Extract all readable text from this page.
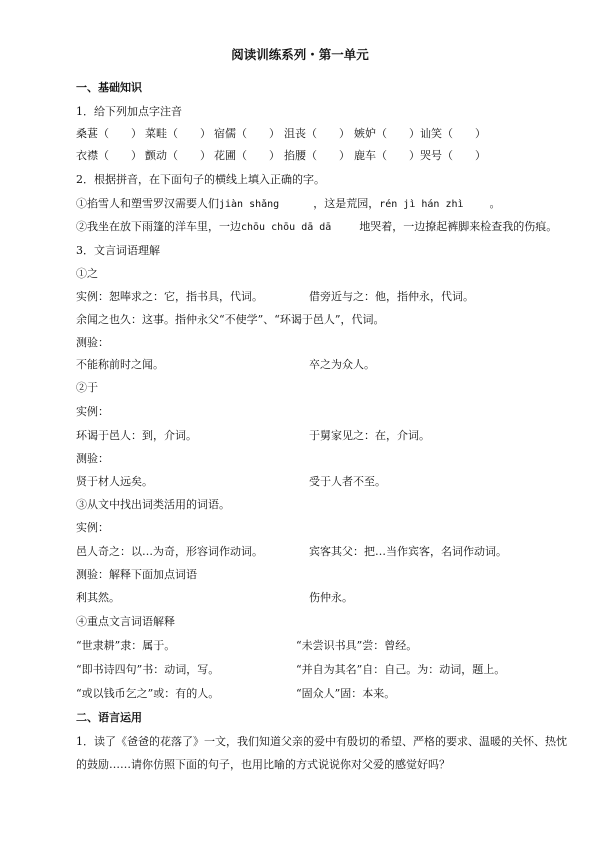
阅读训练系列・第一单元
一、基础知识
1．给下列加点字注音
桑葚（　　） 菜畦（　　） 宿儒（　　） 沮丧（　　） 嫉妒（　　） 讪笑（　　）
衣襟（　　） 颤动（　　） 花圃（　　） 掐腰（　　） 鹿车（　　） 哭号（　　）
2．根据拼音，在下面句子的横线上填入正确的字。
①掐雪人和塑雪罗汉需要人们jiàn shǎng	，这是荒园，rén jì hán zhì 。
②我坐在放下雨篷的洋车里，一边chōu chōu dā dā	地哭着，一边撩起裤脚来检查我的伤痕。
3．文言词语理解
①之
实例：恕唪求之：它，指书具，代词。	借旁近与之：他，指仲永，代词。
余闻之也久：这事。指仲永父“不使学”、“环谒于邑人”，代词。
测验：
不能称前时之闻。	卒之为众人。
②于
实例：
环谒于邑人：到，介词。	于舅家见之：在，介词。
测验：
贤于材人远矣。	受于人者不至。
③从文中找出词类活用的词语。
实例：
邑人奇之：以…为奇，形容词作动词。	宾客其父：把…当作宾客，名词作动词。
测验：解释下面加点词语
利其然。	伤仲永。
④重点文言词语解释
“世隶耕”隶：属于。	“未尝识书具”尝：曾经。
“即书诗四句”书：动词，写。	“并自为其名”自：自己。为：动词，题上。
“或以钱币乞之”或：有的人。	“固众人”固：本来。
二、语言运用
1．读了《爸爸的花落了》一文，我们知道父亲的爱中有殷切的希望、严格的要求、温暖的关怀、热忱
的鼓励……请你仿照下面的句子，也用比喻的方式说说你对父爱的感觉好吗？
